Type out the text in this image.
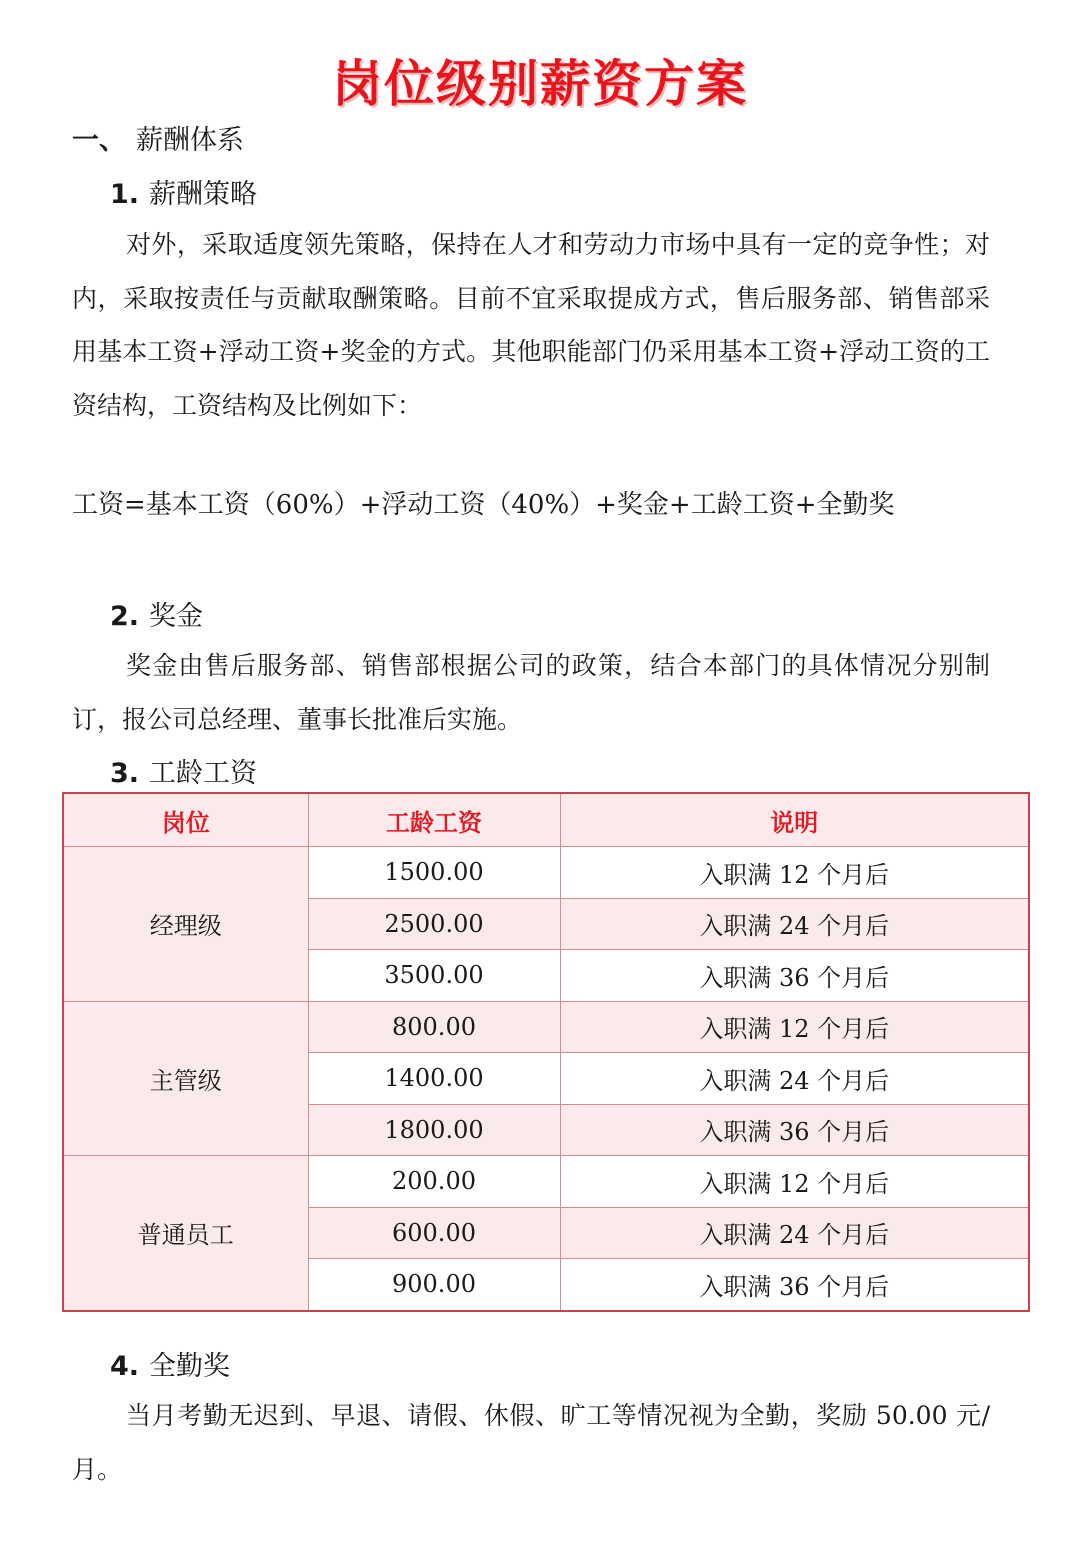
岗位级别薪资方案
一、 薪酬体系
1. 薪酬策略
对外，采取适度领先策略，保持在人才和劳动力市场中具有一定的竞争性；对内，采取按责任与贡献取酬策略。目前不宜采取提成方式，售后服务部、销售部采用基本工资+浮动工资+奖金的方式。其他职能部门仍采用基本工资+浮动工资的工资结构，工资结构及比例如下：
工资=基本工资（60%）+浮动工资（40%）+奖金+工龄工资+全勤奖
2. 奖金
奖金由售后服务部、销售部根据公司的政策，结合本部门的具体情况分别制订，报公司总经理、董事长批准后实施。
3. 工龄工资
岗位	工龄工资	说明
经理级	1500.00	入职满 12 个月后
	2500.00	入职满 24 个月后
	3500.00	入职满 36 个月后
主管级	800.00	入职满 12 个月后
	1400.00	入职满 24 个月后
	1800.00	入职满 36 个月后
普通员工	200.00	入职满 12 个月后
	600.00	入职满 24 个月后
	900.00	入职满 36 个月后
4. 全勤奖
当月考勤无迟到、早退、请假、休假、旷工等情况视为全勤，奖励 50.00 元/月。
